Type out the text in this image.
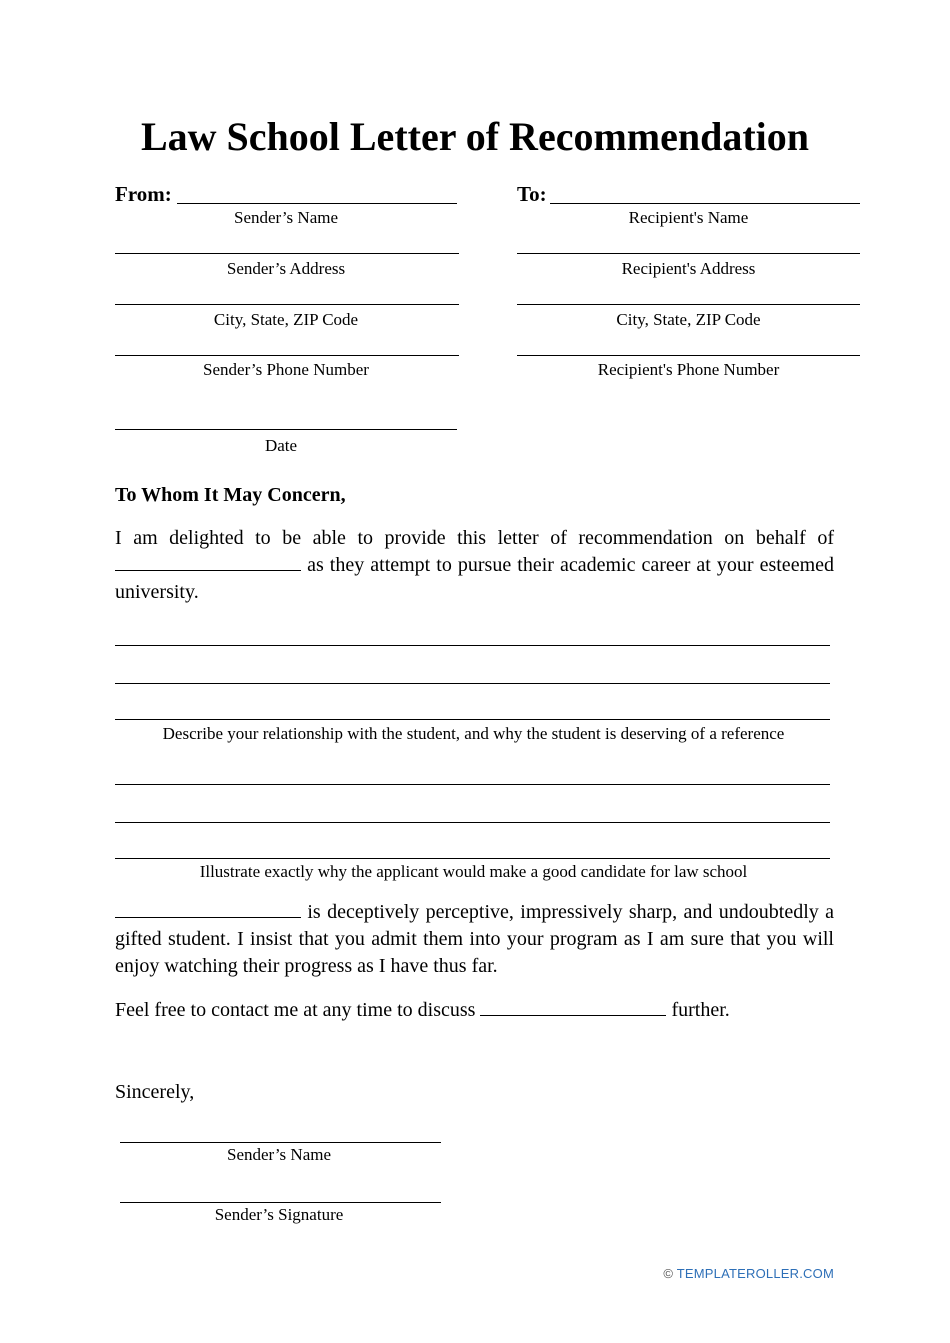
Law School Letter of Recommendation
From:
Sender’s Name
Sender’s Address
City, State, ZIP Code
Sender’s Phone Number
Date
To:
Recipient's Name
Recipient's Address
City, State, ZIP Code
Recipient's Phone Number
To Whom It May Concern,
I am delighted to be able to provide this letter of recommendation on behalf of  as they attempt to pursue their academic career at your esteemed university.
Describe your relationship with the student, and why the student is deserving of a reference
Illustrate exactly why the applicant would make a good candidate for law school
is deceptively perceptive, impressively sharp, and undoubtedly a gifted student. I insist that you admit them into your program as I am sure that you will enjoy watching their progress as I have thus far.
Feel free to contact me at any time to discuss	further.
Sincerely,
Sender’s Name
Sender’s Signature
© TEMPLATEROLLER.COM
